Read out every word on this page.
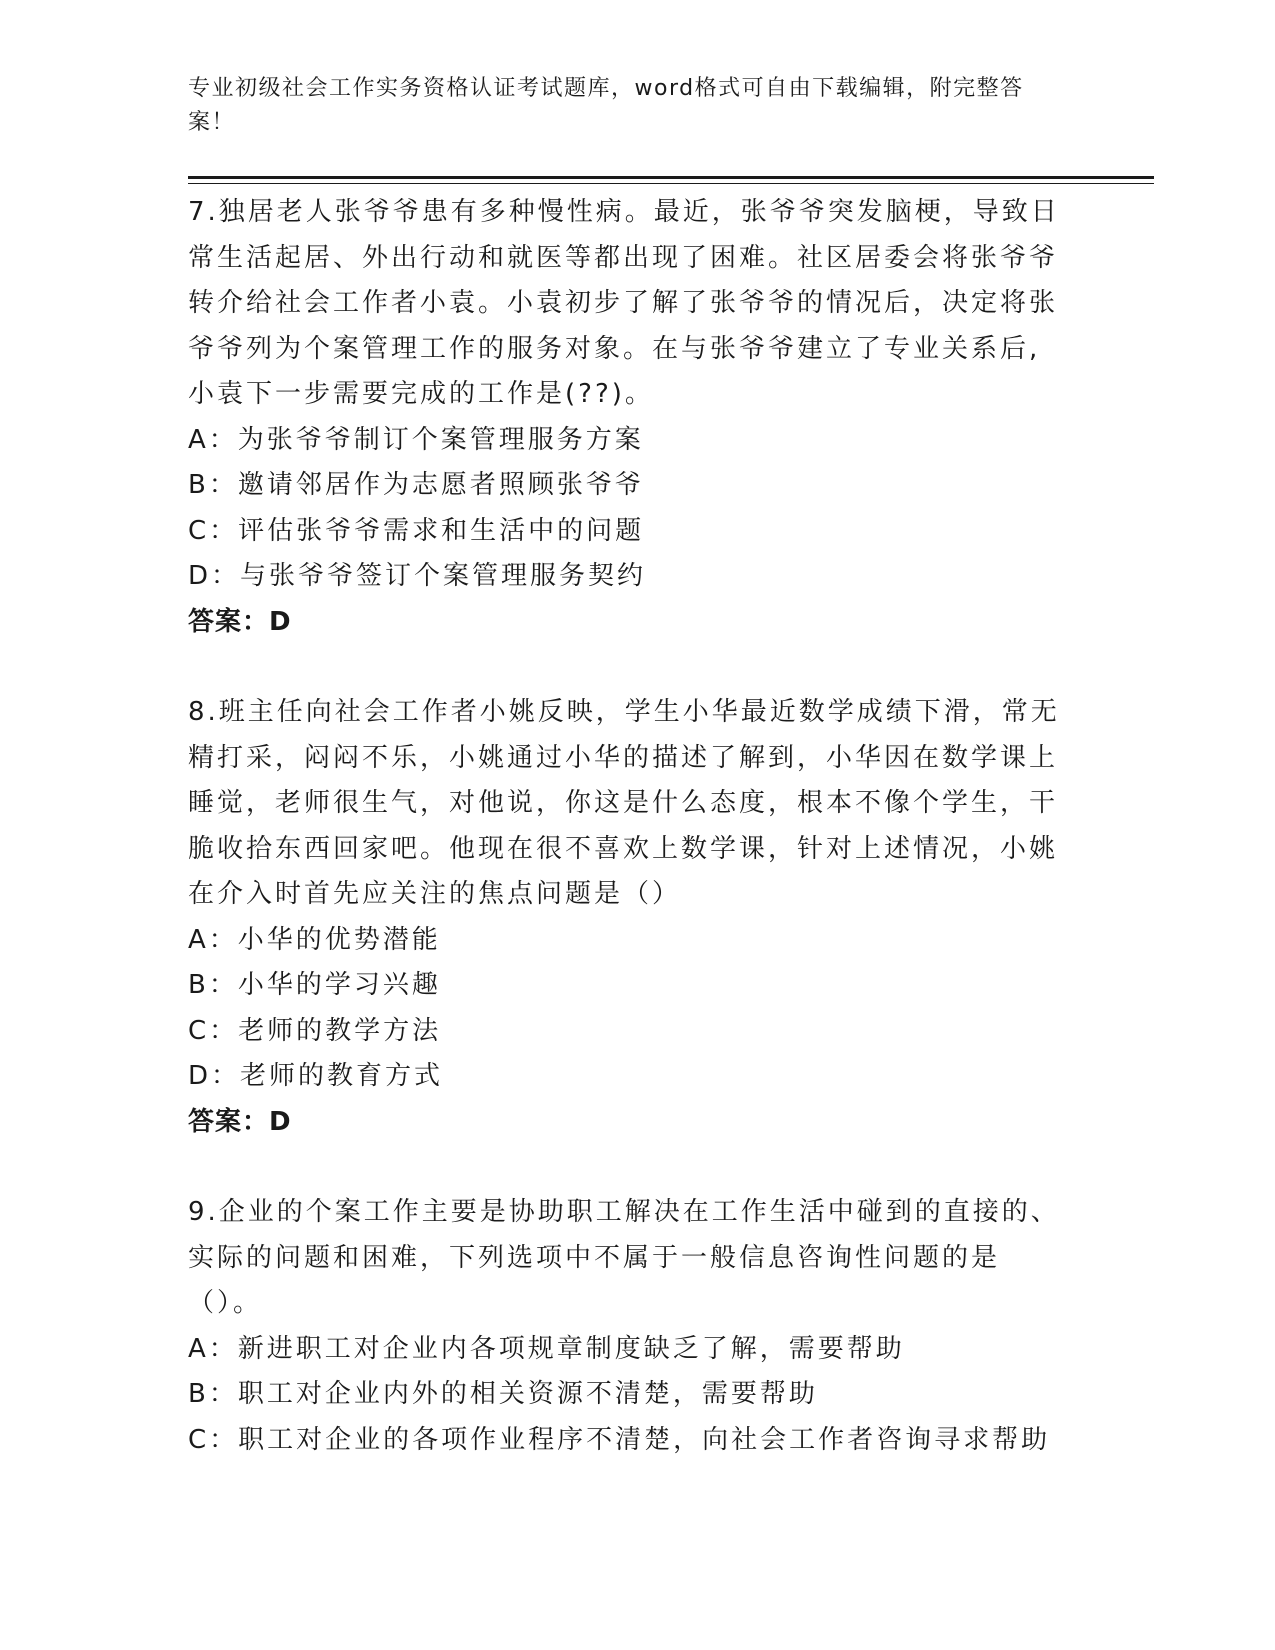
专业初级社会工作实务资格认证考试题库，word格式可自由下载编辑，附完整答案！
7.独居老人张爷爷患有多种慢性病。最近，张爷爷突发脑梗，导致日常生活起居、外出行动和就医等都出现了困难。社区居委会将张爷爷转介给社会工作者小袁。小袁初步了解了张爷爷的情况后，决定将张爷爷列为个案管理工作的服务对象。在与张爷爷建立了专业关系后,小袁下一步需要完成的工作是(??)。
A：为张爷爷制订个案管理服务方案
B：邀请邻居作为志愿者照顾张爷爷
C：评估张爷爷需求和生活中的问题
D：与张爷爷签订个案管理服务契约
答案：D
8.班主任向社会工作者小姚反映，学生小华最近数学成绩下滑，常无精打采，闷闷不乐，小姚通过小华的描述了解到，小华因在数学课上睡觉，老师很生气，对他说，你这是什么态度，根本不像个学生，干脆收拾东西回家吧。他现在很不喜欢上数学课，针对上述情况，小姚在介入时首先应关注的焦点问题是（）
A：小华的优势潜能
B：小华的学习兴趣
C：老师的教学方法
D：老师的教育方式
答案：D
9.企业的个案工作主要是协助职工解决在工作生活中碰到的直接的、实际的问题和困难，下列选项中不属于一般信息咨询性问题的是（）。
A：新进职工对企业内各项规章制度缺乏了解，需要帮助
B：职工对企业内外的相关资源不清楚，需要帮助
C：职工对企业的各项作业程序不清楚，向社会工作者咨询寻求帮助
